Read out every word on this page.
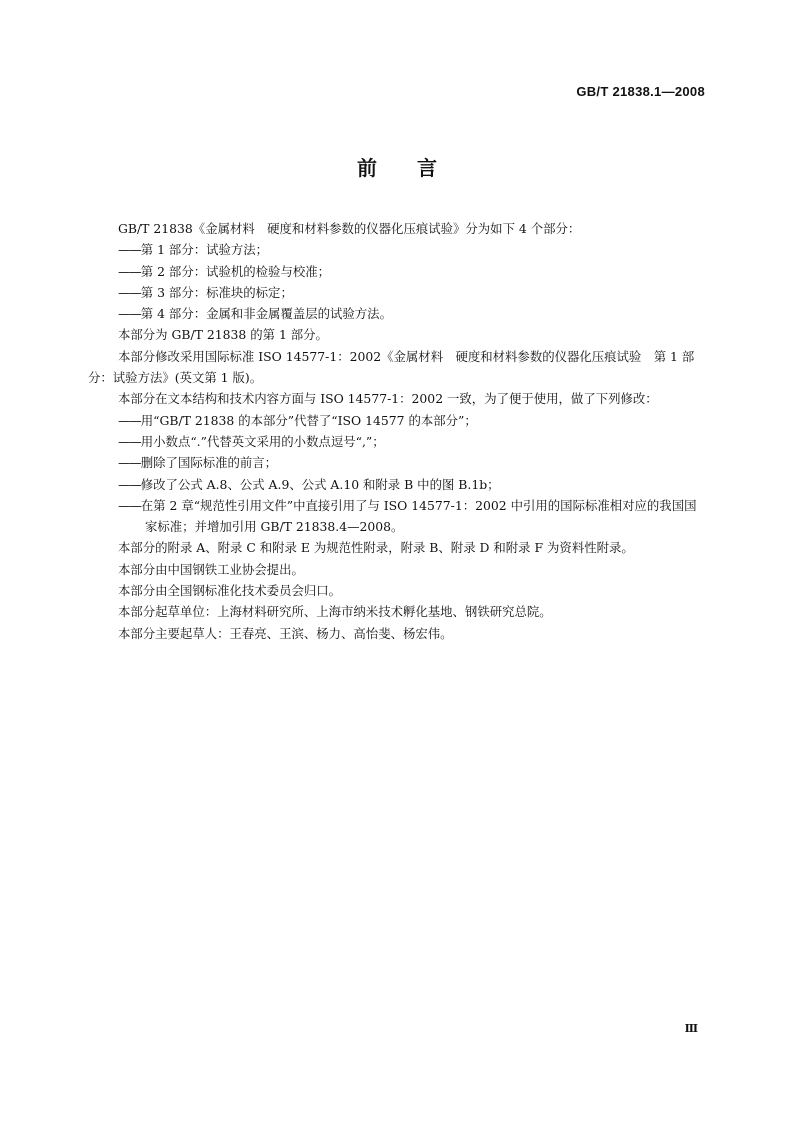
GB/T 21838.1—2008
前 言

GB/T 21838《金属材料　硬度和材料参数的仪器化压痕试验》分为如下 4 个部分：

——第 1 部分：试验方法；

——第 2 部分：试验机的检验与校准；

——第 3 部分：标准块的标定；

——第 4 部分：金属和非金属覆盖层的试验方法。

本部分为 GB/T 21838 的第 1 部分。

本部分修改采用国际标准 ISO 14577-1：2002《金属材料　硬度和材料参数的仪器化压痕试验　第 1 部分：试验方法》(英文第 1 版)。

本部分在文本结构和技术内容方面与 ISO 14577-1：2002 一致，为了便于使用，做了下列修改：

——用“GB/T 21838 的本部分”代替了“ISO 14577 的本部分”；

——用小数点“.”代替英文采用的小数点逗号“,”；

——删除了国际标准的前言；

——修改了公式 A.8、公式 A.9、公式 A.10 和附录 B 中的图 B.1b；

——在第 2 章“规范性引用文件”中直接引用了与 ISO 14577-1：2002 中引用的国际标准相对应的我国国家标准；并增加引用 GB/T 21838.4—2008。

本部分的附录 A、附录 C 和附录 E 为规范性附录，附录 B、附录 D 和附录 F 为资料性附录。

本部分由中国钢铁工业协会提出。

本部分由全国钢标准化技术委员会归口。

本部分起草单位：上海材料研究所、上海市纳米技术孵化基地、钢铁研究总院。

本部分主要起草人：王春亮、王滨、杨力、高怡斐、杨宏伟。

Ⅲ
